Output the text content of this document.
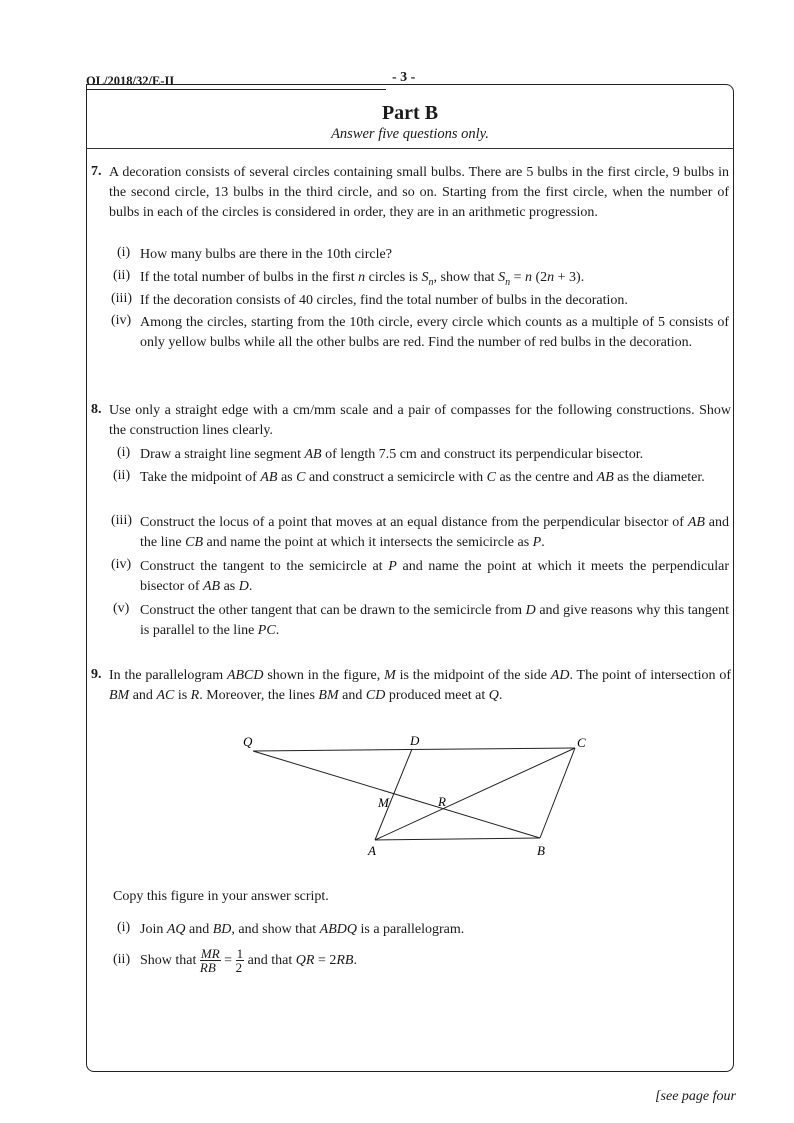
OL/2018/32/E-II	- 3 -
Part B
Answer five questions only.
7. A decoration consists of several circles containing small bulbs. There are 5 bulbs in the first circle, 9 bulbs in the second circle, 13 bulbs in the third circle, and so on. Starting from the first circle, when the number of bulbs in each of the circles is considered in order, they are in an arithmetic progression.
(i) How many bulbs are there in the 10th circle?
(ii) If the total number of bulbs in the first n circles is $S_n$, show that $S_n = n$ (2n + 3).
(iii) If the decoration consists of 40 circles, find the total number of bulbs in the decoration.
(iv) Among the circles, starting from the 10th circle, every circle which counts as a multiple of 5 consists of only yellow bulbs while all the other bulbs are red. Find the number of red bulbs in the decoration.
8. Use only a straight edge with a cm/mm scale and a pair of compasses for the following constructions. Show the construction lines clearly.
(i) Draw a straight line segment AB of length 7.5 cm and construct its perpendicular bisector.
(ii) Take the midpoint of AB as C and construct a semicircle with C as the centre and AB as the diameter.
(iii) Construct the locus of a point that moves at an equal distance from the perpendicular bisector of AB and the line CB and name the point at which it intersects the semicircle as P.
(iv) Construct the tangent to the semicircle at P and name the point at which it meets the perpendicular bisector of AB as D.
(v) Construct the other tangent that can be drawn to the semicircle from D and give reasons why this tangent is parallel to the line PC.
9. In the parallelogram ABCD shown in the figure, M is the midpoint of the side AD. The point of intersection of BM and AC is R. Moreover, the lines BM and CD produced meet at Q.
Q	D	C
M	R
A	B
Copy this figure in your answer script.
(i) Join AQ and BD, and show that ABDQ is a parallelogram.
(ii) Show that $\frac{MR}{RB} = \frac{1}{2}$ and that QR = 2RB.
[see page four
